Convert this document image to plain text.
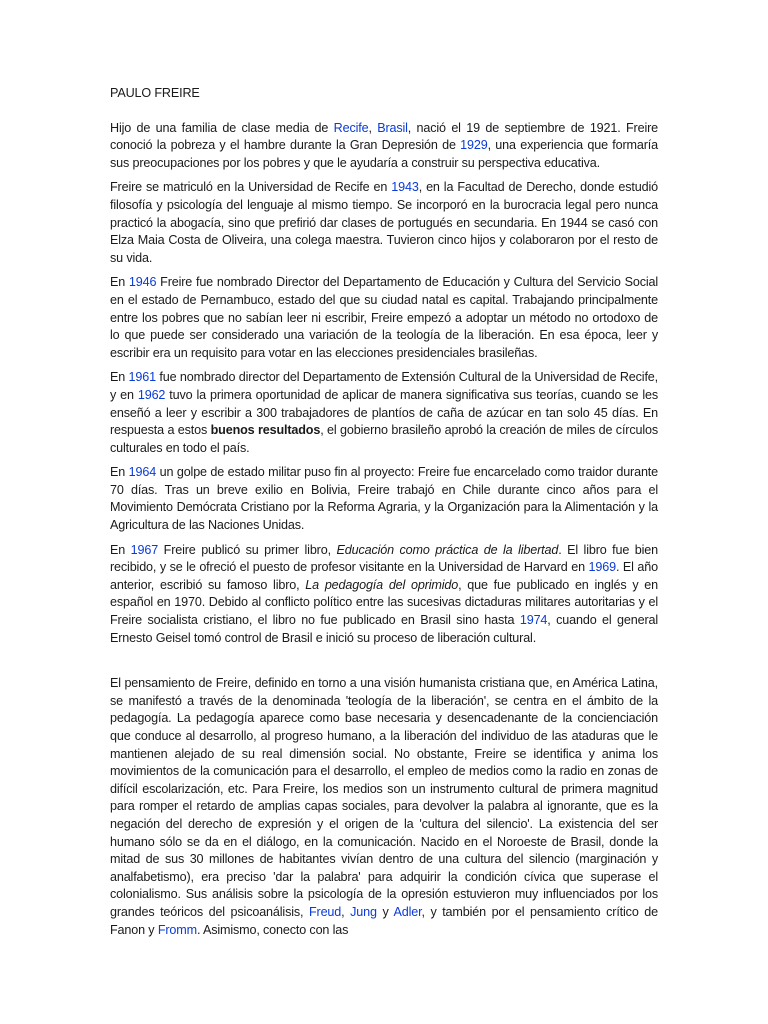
PAULO FREIRE

Hijo de una familia de clase media de Recife, Brasil, nació el 19 de septiembre de 1921. Freire conoció la pobreza y el hambre durante la Gran Depresión de 1929, una experiencia que formaría sus preocupaciones por los pobres y que le ayudaría a construir su perspectiva educativa.

Freire se matriculó en la Universidad de Recife en 1943, en la Facultad de Derecho, donde estudió filosofía y psicología del lenguaje al mismo tiempo. Se incorporó en la burocracia legal pero nunca practicó la abogacía, sino que prefirió dar clases de portugués en secundaria. En 1944 se casó con Elza Maia Costa de Oliveira, una colega maestra. Tuvieron cinco hijos y colaboraron por el resto de su vida.

En 1946 Freire fue nombrado Director del Departamento de Educación y Cultura del Servicio Social en el estado de Pernambuco, estado del que su ciudad natal es capital. Trabajando principalmente entre los pobres que no sabían leer ni escribir, Freire empezó a adoptar un método no ortodoxo de lo que puede ser considerado una variación de la teología de la liberación. En esa época, leer y escribir era un requisito para votar en las elecciones presidenciales brasileñas.

En 1961 fue nombrado director del Departamento de Extensión Cultural de la Universidad de Recife, y en 1962 tuvo la primera oportunidad de aplicar de manera significativa sus teorías, cuando se les enseñó a leer y escribir a 300 trabajadores de plantíos de caña de azúcar en tan solo 45 días. En respuesta a estos buenos resultados, el gobierno brasileño aprobó la creación de miles de círculos culturales en todo el país.

En 1964 un golpe de estado militar puso fin al proyecto: Freire fue encarcelado como traidor durante 70 días. Tras un breve exilio en Bolivia, Freire trabajó en Chile durante cinco años para el Movimiento Demócrata Cristiano por la Reforma Agraria, y la Organización para la Alimentación y la Agricultura de las Naciones Unidas.

En 1967 Freire publicó su primer libro, Educación como práctica de la libertad. El libro fue bien recibido, y se le ofreció el puesto de profesor visitante en la Universidad de Harvard en 1969. El año anterior, escribió su famoso libro, La pedagogía del oprimido, que fue publicado en inglés y en español en 1970. Debido al conflicto político entre las sucesivas dictaduras militares autoritarias y el Freire socialista cristiano, el libro no fue publicado en Brasil sino hasta 1974, cuando el general Ernesto Geisel tomó control de Brasil e inició su proceso de liberación cultural.

El pensamiento de Freire, definido en torno a una visión humanista cristiana que, en América Latina, se manifestó a través de la denominada 'teología de la liberación', se centra en el ámbito de la pedagogía. La pedagogía aparece como base necesaria y desencadenante de la concienciación que conduce al desarrollo, al progreso humano, a la liberación del individuo de las ataduras que le mantienen alejado de su real dimensión social. No obstante, Freire se identifica y anima los movimientos de la comunicación para el desarrollo, el empleo de medios como la radio en zonas de difícil escolarización, etc. Para Freire, los medios son un instrumento cultural de primera magnitud para romper el retardo de amplias capas sociales, para devolver la palabra al ignorante, que es la negación del derecho de expresión y el origen de la 'cultura del silencio'. La existencia del ser humano sólo se da en el diálogo, en la comunicación. Nacido en el Noroeste de Brasil, donde la mitad de sus 30 millones de habitantes vivían dentro de una cultura del silencio (marginación y analfabetismo), era preciso 'dar la palabra' para adquirir la condición cívica que superase el colonialismo. Sus análisis sobre la psicología de la opresión estuvieron muy influenciados por los grandes teóricos del psicoanálisis, Freud, Jung y Adler, y también por el pensamiento crítico de Fanon y Fromm. Asimismo, conecto con las
